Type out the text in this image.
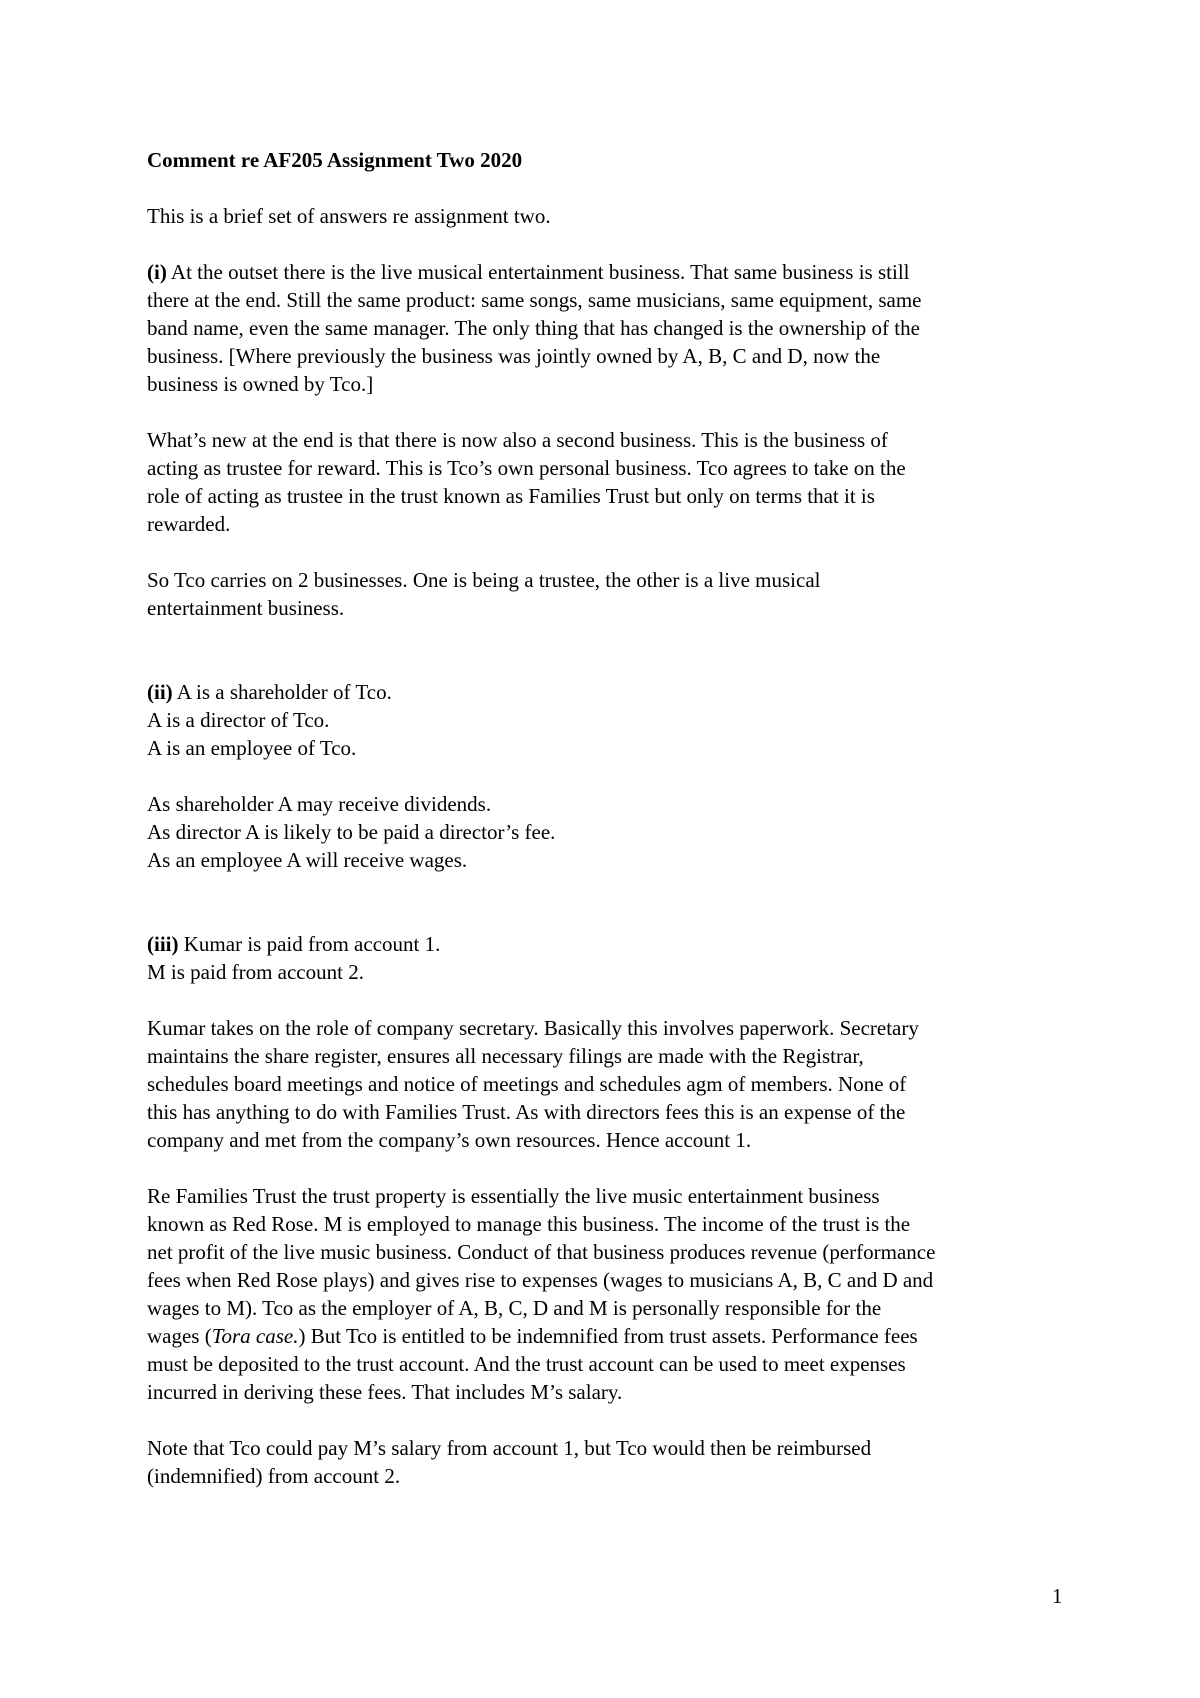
Comment re AF205 Assignment Two 2020
This is a brief set of answers re assignment two.
(i) At the outset there is the live musical entertainment business. That same business is still
there at the end. Still the same product: same songs, same musicians, same equipment, same
band name, even the same manager. The only thing that has changed is the ownership of the
business. [Where previously the business was jointly owned by A, B, C and D, now the
business is owned by Tco.]
What’s new at the end is that there is now also a second business. This is the business of
acting as trustee for reward. This is Tco’s own personal business. Tco agrees to take on the
role of acting as trustee in the trust known as Families Trust but only on terms that it is
rewarded.
So Tco carries on 2 businesses. One is being a trustee, the other is a live musical
entertainment business.
(ii) A is a shareholder of Tco.
A is a director of Tco.
A is an employee of Tco.
As shareholder A may receive dividends.
As director A is likely to be paid a director’s fee.
As an employee A will receive wages.
(iii) Kumar is paid from account 1.
M is paid from account 2.
Kumar takes on the role of company secretary. Basically this involves paperwork. Secretary
maintains the share register, ensures all necessary filings are made with the Registrar,
schedules board meetings and notice of meetings and schedules agm of members. None of
this has anything to do with Families Trust. As with directors fees this is an expense of the
company and met from the company’s own resources. Hence account 1.
Re Families Trust the trust property is essentially the live music entertainment business
known as Red Rose. M is employed to manage this business. The income of the trust is the
net profit of the live music business. Conduct of that business produces revenue (performance
fees when Red Rose plays) and gives rise to expenses (wages to musicians A, B, C and D and
wages to M). Tco as the employer of A, B, C, D and M is personally responsible for the
wages (Tora case.) But Tco is entitled to be indemnified from trust assets. Performance fees
must be deposited to the trust account. And the trust account can be used to meet expenses
incurred in deriving these fees. That includes M’s salary.
Note that Tco could pay M’s salary from account 1, but Tco would then be reimbursed
(indemnified) from account 2.
1
